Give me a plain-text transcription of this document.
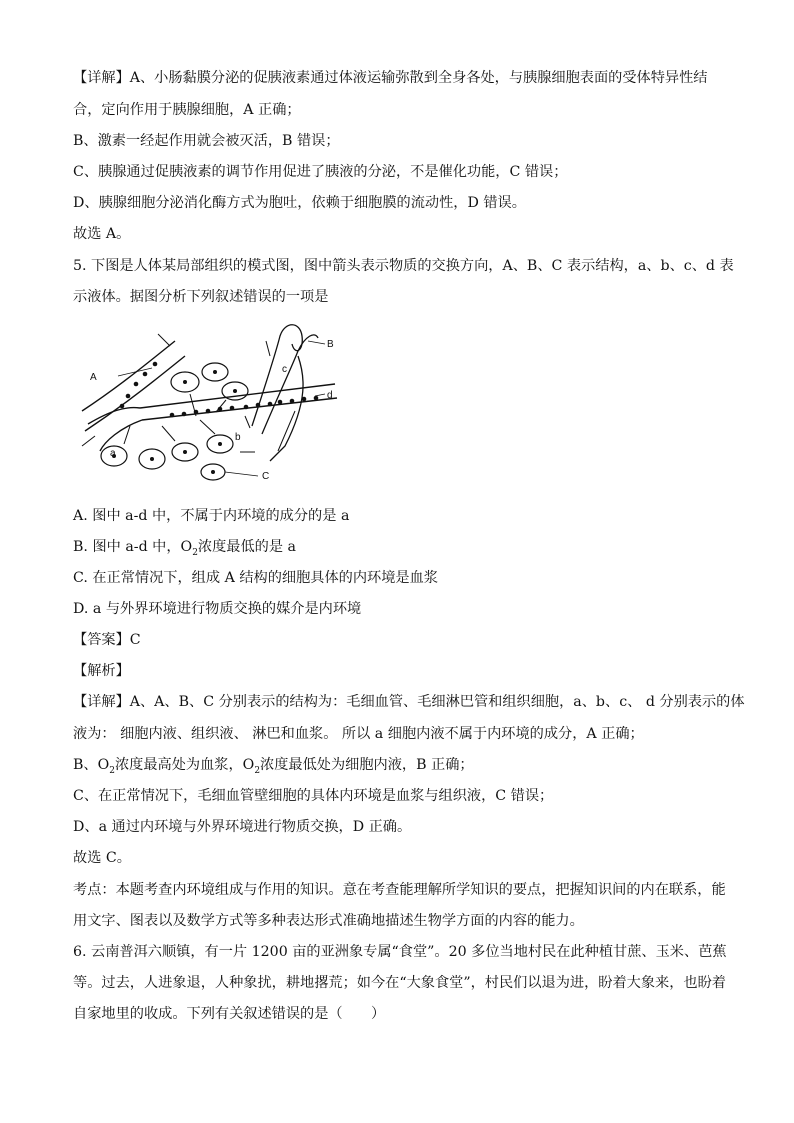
【详解】A、小肠黏膜分泌的促胰液素通过体液运输弥散到全身各处，与胰腺细胞表面的受体特异性结
合，定向作用于胰腺细胞，A 正确；
B、激素一经起作用就会被灭活，B 错误；
C、胰腺通过促胰液素的调节作用促进了胰液的分泌，不是催化功能，C 错误；
D、胰腺细胞分泌消化酶方式为胞吐，依赖于细胞膜的流动性，D 错误。
故选 A。
5. 下图是人体某局部组织的模式图，图中箭头表示物质的交换方向，A、B、C 表示结构，a、b、c、d 表
示液体。据图分析下列叙述错误的一项是
A
B
C
a
b
c
d
A. 图中 a-d 中，不属于内环境的成分的是 a
B. 图中 a-d 中，$O_2$浓度最低的是 a
C. 在正常情况下，组成 A 结构的细胞具体的内环境是血浆
D. a 与外界环境进行物质交换的媒介是内环境
【答案】C
【解析】
【详解】A、A、B、C 分别表示的结构为：毛细血管、毛细淋巴管和组织细胞，a、b、c、 d 分别表示的体
液为： 细胞内液、组织液、 淋巴和血浆。 所以 a 细胞内液不属于内环境的成分，A 正确；
B、$O_2$浓度最高处为血浆，$O_2$浓度最低处为细胞内液，B 正确；
C、在正常情况下，毛细血管壁细胞的具体内环境是血浆与组织液，C 错误；
D、a 通过内环境与外界环境进行物质交换，D 正确。
故选 C。
考点：本题考查内环境组成与作用的知识。意在考查能理解所学知识的要点，把握知识间的内在联系，能
用文字、图表以及数学方式等多种表达形式准确地描述生物学方面的内容的能力。
6. 云南普洱六顺镇，有一片 1200 亩的亚洲象专属“食堂”。20 多位当地村民在此种植甘蔗、玉米、芭蕉
等。过去，人进象退，人种象扰，耕地撂荒；如今在“大象食堂”，村民们以退为进，盼着大象来，也盼着
自家地里的收成。下列有关叙述错误的是（　　）
